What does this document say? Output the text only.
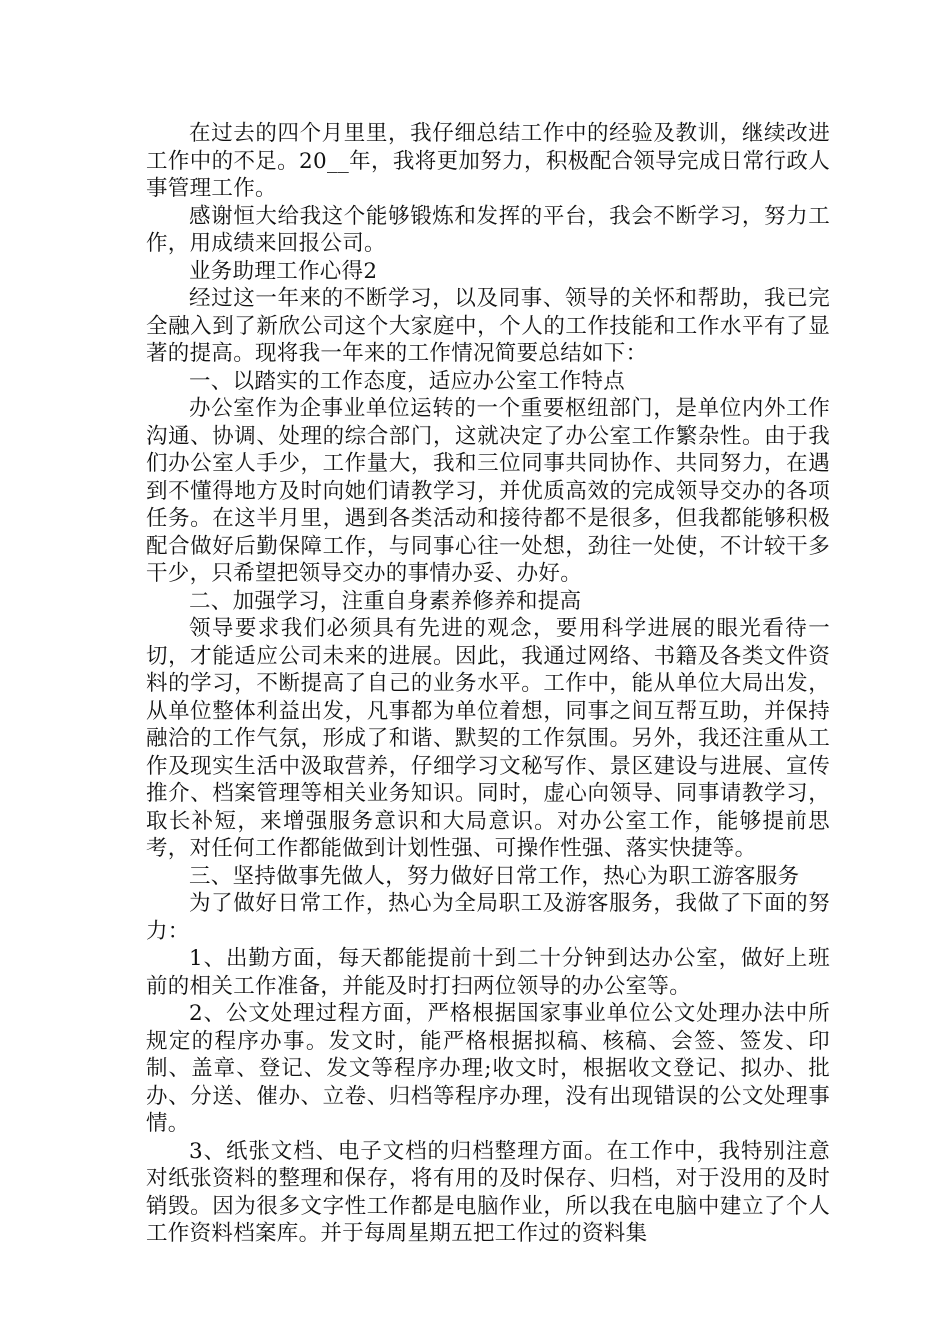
在过去的四个月里里，我仔细总结工作中的经验及教训，继续改进工作中的不足。20__年，我将更加努力，积极配合领导完成日常行政人事管理工作。

感谢恒大给我这个能够锻炼和发挥的平台，我会不断学习，努力工作，用成绩来回报公司。

业务助理工作心得2

经过这一年来的不断学习，以及同事、领导的关怀和帮助，我已完全融入到了新欣公司这个大家庭中，个人的工作技能和工作水平有了显著的提高。现将我一年来的工作情况简要总结如下：

一、以踏实的工作态度，适应办公室工作特点

办公室作为企事业单位运转的一个重要枢纽部门，是单位内外工作沟通、协调、处理的综合部门，这就决定了办公室工作繁杂性。由于我们办公室人手少，工作量大，我和三位同事共同协作、共同努力，在遇到不懂得地方及时向她们请教学习，并优质高效的完成领导交办的各项任务。在这半月里，遇到各类活动和接待都不是很多，但我都能够积极配合做好后勤保障工作，与同事心往一处想，劲往一处使，不计较干多干少，只希望把领导交办的事情办妥、办好。

二、加强学习，注重自身素养修养和提高

领导要求我们必须具有先进的观念，要用科学进展的眼光看待一切，才能适应公司未来的进展。因此，我通过网络、书籍及各类文件资料的学习，不断提高了自己的业务水平。工作中，能从单位大局出发，从单位整体利益出发，凡事都为单位着想，同事之间互帮互助，并保持融洽的工作气氛，形成了和谐、默契的工作氛围。另外，我还注重从工作及现实生活中汲取营养，仔细学习文秘写作、景区建设与进展、宣传推介、档案管理等相关业务知识。同时，虚心向领导、同事请教学习，取长补短，来增强服务意识和大局意识。对办公室工作，能够提前思考，对任何工作都能做到计划性强、可操作性强、落实快捷等。

三、坚持做事先做人，努力做好日常工作，热心为职工游客服务

为了做好日常工作，热心为全局职工及游客服务，我做了下面的努力：

1、出勤方面，每天都能提前十到二十分钟到达办公室，做好上班前的相关工作准备，并能及时打扫两位领导的办公室等。

2、公文处理过程方面，严格根据国家事业单位公文处理办法中所规定的程序办事。发文时，能严格根据拟稿、核稿、会签、签发、印制、盖章、登记、发文等程序办理;收文时，根据收文登记、拟办、批办、分送、催办、立卷、归档等程序办理，没有出现错误的公文处理事情。

3、纸张文档、电子文档的归档整理方面。在工作中，我特别注意对纸张资料的整理和保存，将有用的及时保存、归档，对于没用的及时销毁。因为很多文字性工作都是电脑作业，所以我在电脑中建立了个人工作资料档案库。并于每周星期五把工作过的资料集
